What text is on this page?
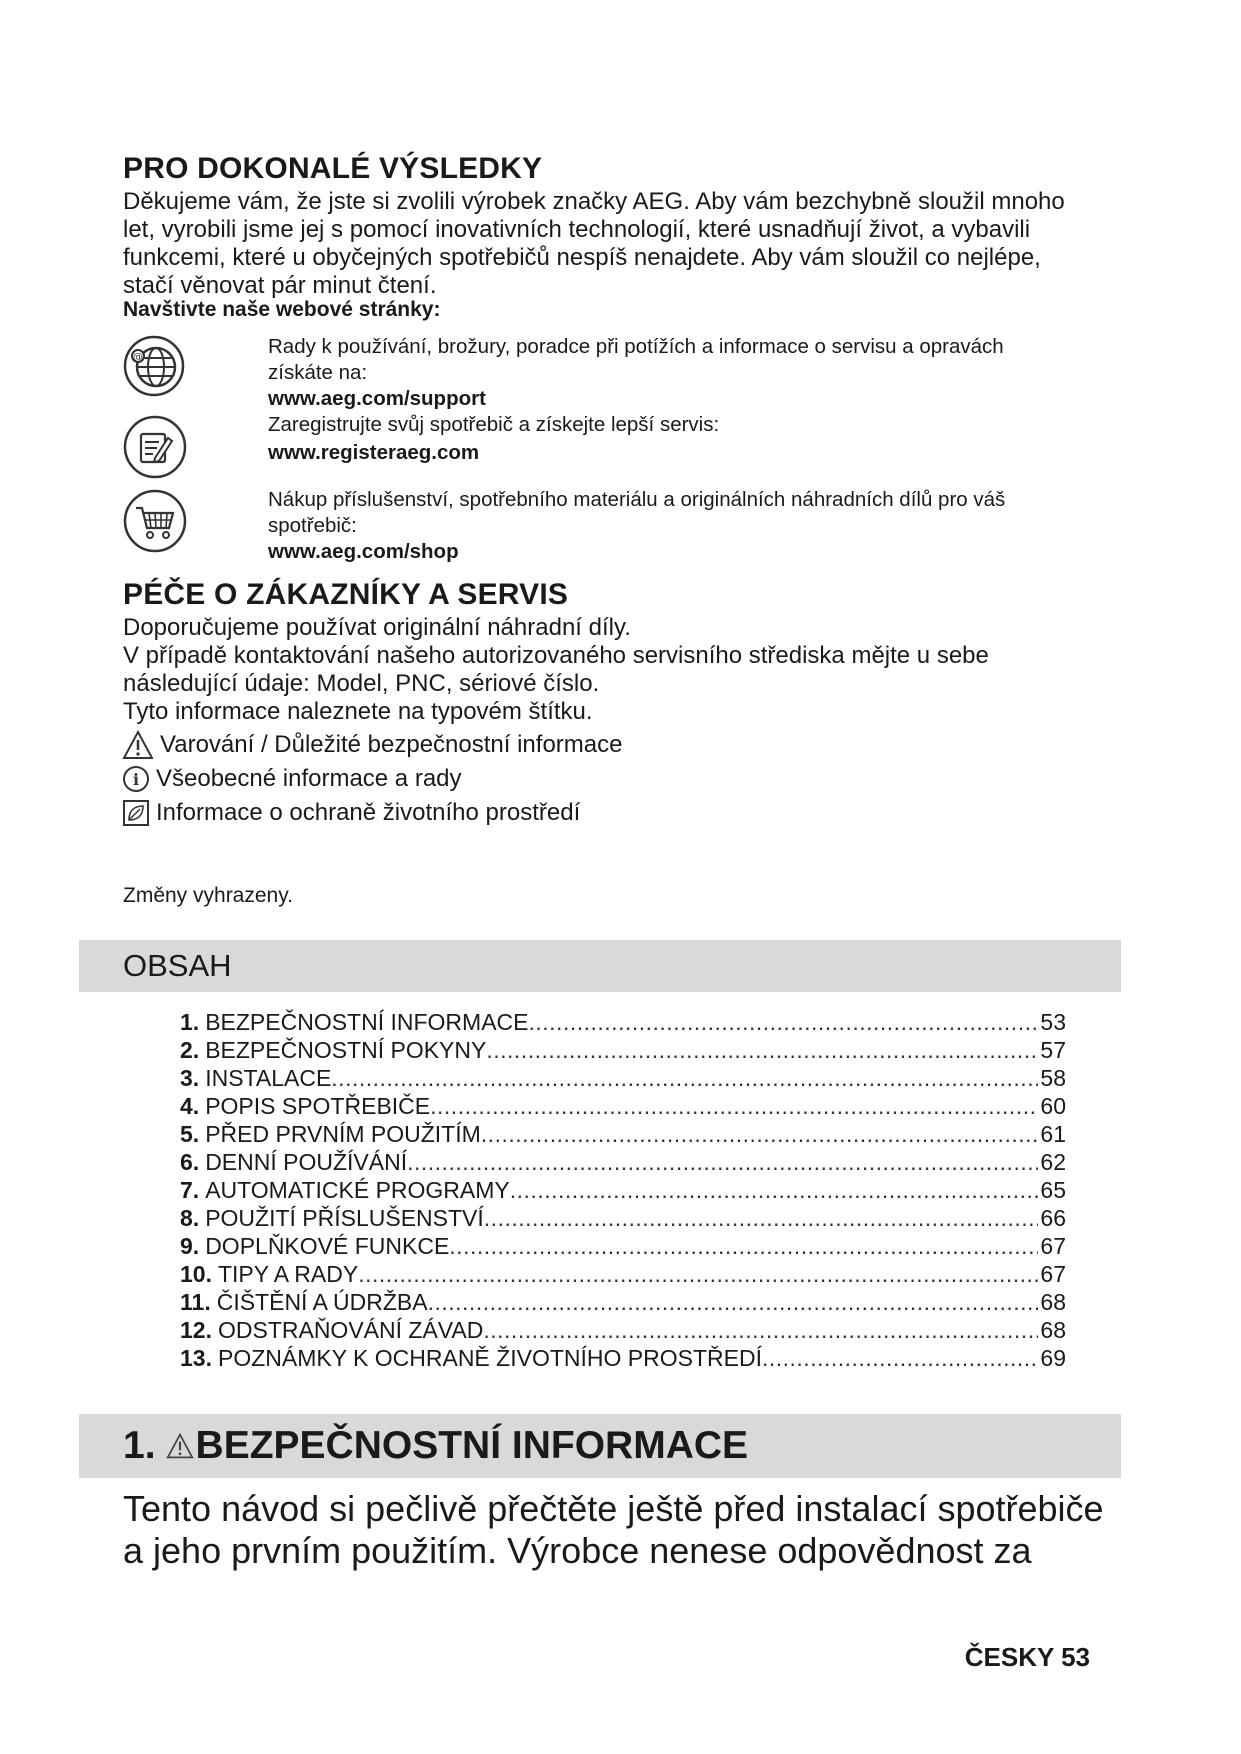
PRO DOKONALÉ VÝSLEDKY
Děkujeme vám, že jste si zvolili výrobek značky AEG. Aby vám bezchybně sloužil mnoho
let, vyrobili jsme jej s pomocí inovativních technologií, které usnadňují život, a vybavili
funkcemi, které u obyčejných spotřebičů nespíš nenajdete. Aby vám sloužil co nejlépe,
stačí věnovat pár minut čtení.
Navštivte naše webové stránky:
@	Rady k používání, brožury, poradce při potížích a informace o servisu a opravách
získáte na:
www.aeg.com/support
Zaregistrujte svůj spotřebič a získejte lepší servis:
www.registeraeg.com
Nákup příslušenství, spotřebního materiálu a originálních náhradních dílů pro váš
spotřebič:
www.aeg.com/shop
PÉČE O ZÁKAZNÍKY A SERVIS
Doporučujeme používat originální náhradní díly.
V případě kontaktování našeho autorizovaného servisního střediska mějte u sebe
následující údaje: Model, PNC, sériové číslo.
Tyto informace naleznete na typovém štítku.
Varování / Důležité bezpečnostní informace
i Všeobecné informace a rady
Informace o ochraně životního prostředí
Změny vyhrazeny.
OBSAH
1. BEZPEČNOSTNÍ INFORMACE .....	53
2. BEZPEČNOSTNÍ POKYNY .....	57
3. INSTALACE .....	58
4. POPIS SPOTŘEBIČE .....	60
5. PŘED PRVNÍM POUŽITÍM .....	61
6. DENNÍ POUŽÍVÁNÍ .....	62
7. AUTOMATICKÉ PROGRAMY .....	65
8. POUŽITÍ PŘÍSLUŠENSTVÍ .....	66
9. DOPLŇKOVÉ FUNKCE .....	67
10. TIPY A RADY .....	67
11. ČIŠTĚNÍ A ÚDRŽBA .....	68
12. ODSTRAŇOVÁNÍ ZÁVAD .....	68
13. POZNÁMKY K OCHRANĚ ŽIVOTNÍHO PROSTŘEDÍ .....	69
1. BEZPEČNOSTNÍ INFORMACE
Tento návod si pečlivě přečtěte ještě před instalací spotřebiče
a jeho prvním použitím. Výrobce nenese odpovědnost za
ČESKY 53
